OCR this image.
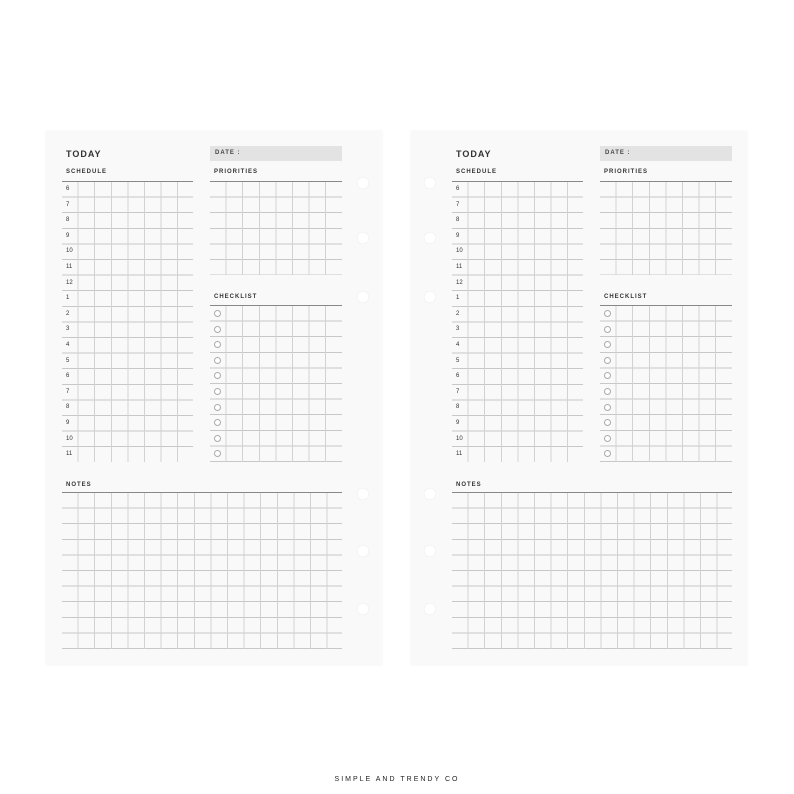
TODAY	DATE :
SCHEDULE
6
7
8
9
10
11
12
1
2
3
4
5
6
7
8
9
10
11
PRIORITIES
CHECKLIST
NOTES
TODAY	DATE :
SCHEDULE
6
7
8
9
10
11
12
1
2
3
4
5
6
7
8
9
10
11
PRIORITIES
CHECKLIST
NOTES
SIMPLE AND TRENDY CO
